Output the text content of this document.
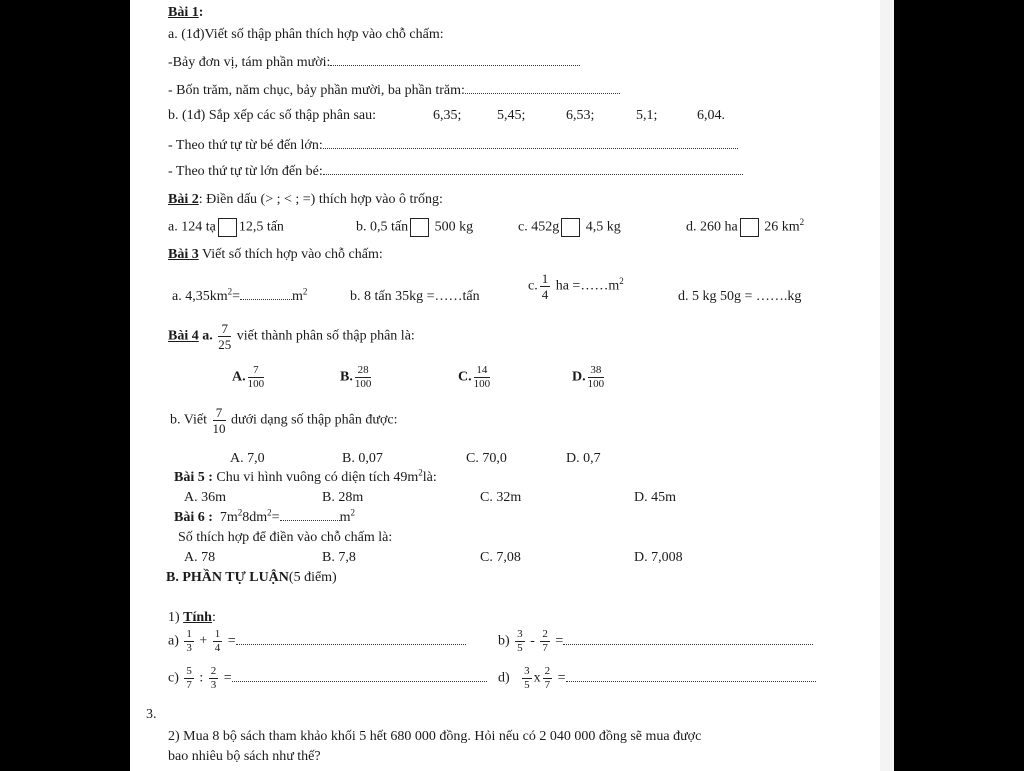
Bài 1:
a. (1đ)Viết số thập phân thích hợp vào chỗ chấm:
-Bảy đơn vị, tám phần mười:
- Bốn trăm, năm chục, bảy phần mười, ba phần trăm:
b. (1đ) Sắp xếp các số thập phân sau:	6,35;	5,45;	6,53;	5,1;	6,04.
- Theo thứ tự từ bé đến lớn:
- Theo thứ tự từ lớn đến bé:
Bài 2: Điền dấu (> ; < ; =) thích hợp vào ô trống:
a. 124 tạ 12,5 tấn	b. 0,5 tấn 500 kg	c. 452g 4,5 kg	d. 260 ha 26 $km^2$
Bài 3 Viết số thích hợp vào chỗ chấm:
a. $4,35km^2=$	$m^2$	b. 8 tấn 35kg =……tấn
c. $\frac{1}{4}$ ha $=\dots\dots m^2$
d. 5 kg 50g = …….kg
Bài 4 a. $\frac{7}{25}$ viết thành phân số thập phân là:
A. $\frac{7}{100}$	B. $\frac{28}{100}$	C. $\frac{14}{100}$	D. $\frac{38}{100}$
b. Viết $\frac{7}{10}$ dưới dạng số thập phân được:
A. 7,0	B. 0,07	C. 70,0	D. 0,7
Bài 5 : Chu vi hình vuông có diện tích $49m^2là$:
A. 36m	B. 28m	C. 32m	D. 45m
Bài 6 : $7m^28dm^2=$	$m^2$
Số thích hợp để điền vào chỗ chấm là:
A. 78	B. 7,8	C. 7,08	D. 7,008
B. PHẦN TỰ LUẬN(5 điểm)
1) Tính:
$a) \frac{1}{3} + \frac{1}{4}$ =	$b) \frac{3}{5} - \frac{2}{7}$ =
$c) \frac{5}{7}$ : $\frac{2}{3}$ =	$d) \frac{3}{5}$ x $\frac{2}{7}$ =
3.
2) Mua 8 bộ sách tham khảo khối 5 hết 680 000 đồng. Hỏi nếu có 2 040 000 đồng sẽ mua được
bao nhiêu bộ sách như thế?
